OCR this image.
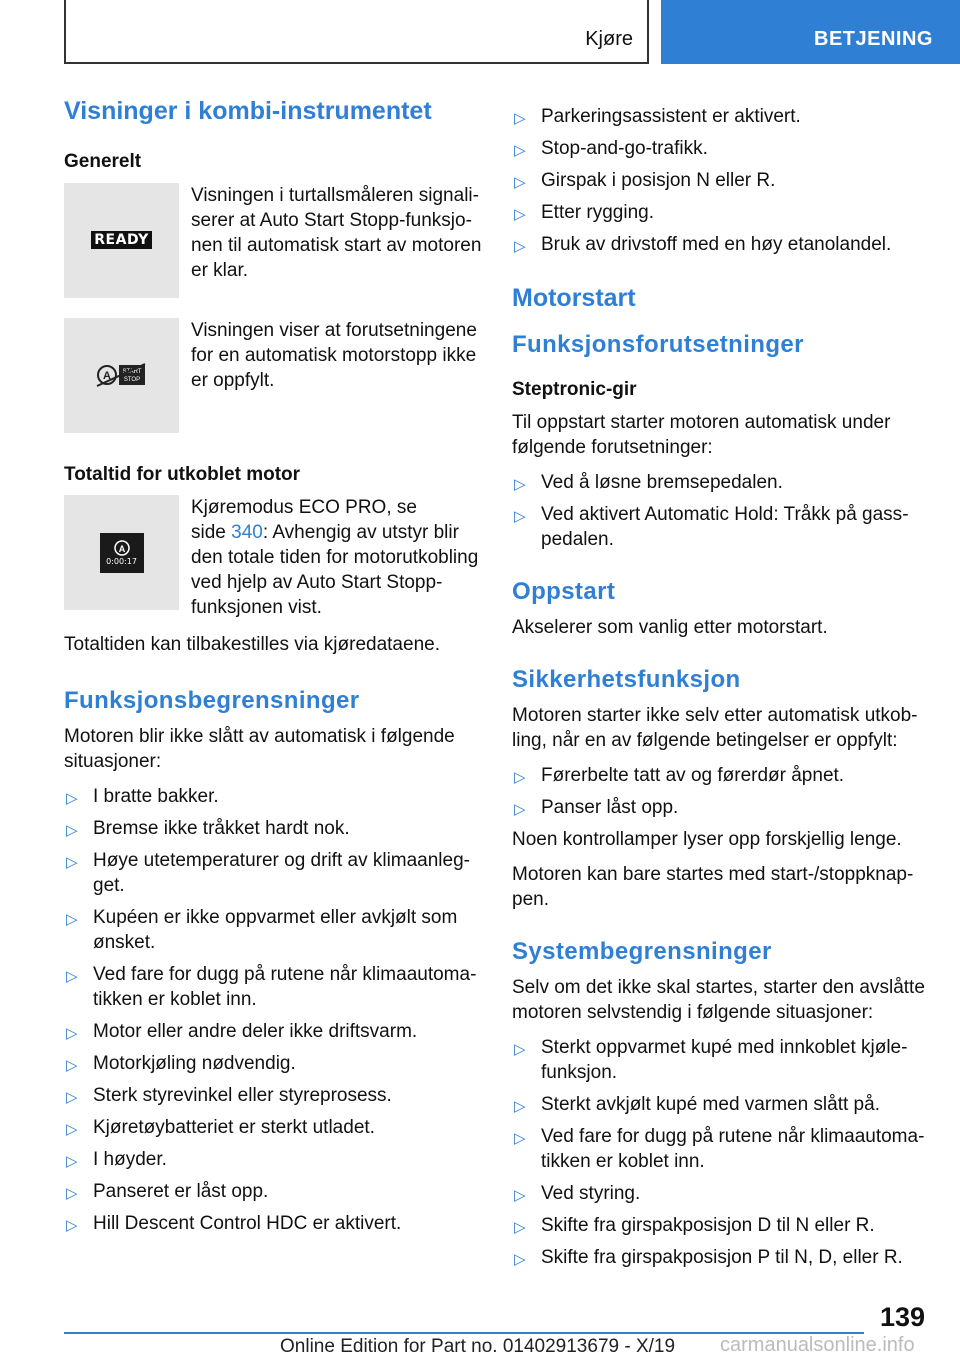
Kjøre	BETJENING
Visninger i kombi-instrumentet
Generelt
READY
Visningen i turtallsmåleren signaliserer at Auto Start Stopp-funksjonen til automatisk start av motoren er klar.
A START
STOP
Visningen viser at forutsetningene for en automatisk motorstopp ikke er oppfylt.
Totaltid for utkoblet motor
A
0:00:17
Kjøremodus ECO PRO, se side 340: Avhengig av utstyr blir den totale tiden for motorutkobling ved hjelp av Auto Start Stopp-funksjonen vist.

Totaltiden kan tilbakestilles via kjøredataene.

Funksjonsbegrensninger

Motoren blir ikke slått av automatisk i følgende situasjoner:

▷ I bratte bakker.
▷ Bremse ikke tråkket hardt nok.
▷ Høye utetemperaturer og drift av klimaanlegget.
▷ Kupéen er ikke oppvarmet eller avkjølt som ønsket.
▷ Ved fare for dugg på rutene når klimaautomatikken er koblet inn.
▷ Motor eller andre deler ikke driftsvarm.
▷ Motorkjøling nødvendig.
▷ Sterk styrevinkel eller styreprosess.
▷ Kjøretøybatteriet er sterkt utladet.
▷ I høyder.
▷ Panseret er låst opp.
▷ Hill Descent Control HDC er aktivert.
▷ Parkeringsassistent er aktivert.
▷ Stop-and-go-trafikk.
▷ Girspak i posisjon N eller R.
▷ Etter rygging.
▷ Bruk av drivstoff med en høy etanolandel.
Motorstart
Funksjonsforutsetninger
Steptronic-gir

Til oppstart starter motoren automatisk under følgende forutsetninger:

▷ Ved å løsne bremsepedalen.
▷ Ved aktivert Automatic Hold: Tråkk på gasspedalen.
Oppstart

Akselerer som vanlig etter motorstart.

Sikkerhetsfunksjon

Motoren starter ikke selv etter automatisk utkobling, når en av følgende betingelser er oppfylt:

▷ Førerbelte tatt av og førerdør åpnet.
▷ Panser låst opp.

Noen kontrollamper lyser opp forskjellig lenge.

Motoren kan bare startes med start-/stoppknappen.

Systembegrensninger

Selv om det ikke skal startes, starter den avslåtte motoren selvstendig i følgende situasjoner:

▷ Sterkt oppvarmet kupé med innkoblet kjølefunksjon.
▷ Sterkt avkjølt kupé med varmen slått på.
▷ Ved fare for dugg på rutene når klimaautomatikken er koblet inn.
▷ Ved styring.
▷ Skifte fra girspakposisjon D til N eller R.
▷ Skifte fra girspakposisjon P til N, D, eller R.
139
carmanualsonline.info
Online Edition for Part no. 01402913679 - X/19
